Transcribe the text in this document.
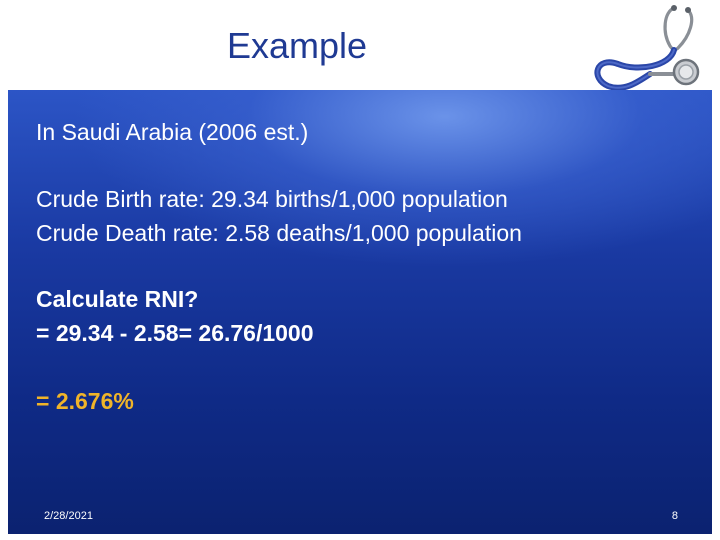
Example
In Saudi Arabia (2006 est.)
Crude Birth rate: 29.34 births/1,000 population
Crude Death rate: 2.58 deaths/1,000 population
Calculate RNI?
= 29.34 - 2.58= 26.76/1000
= 2.676%
2/28/2021	8
